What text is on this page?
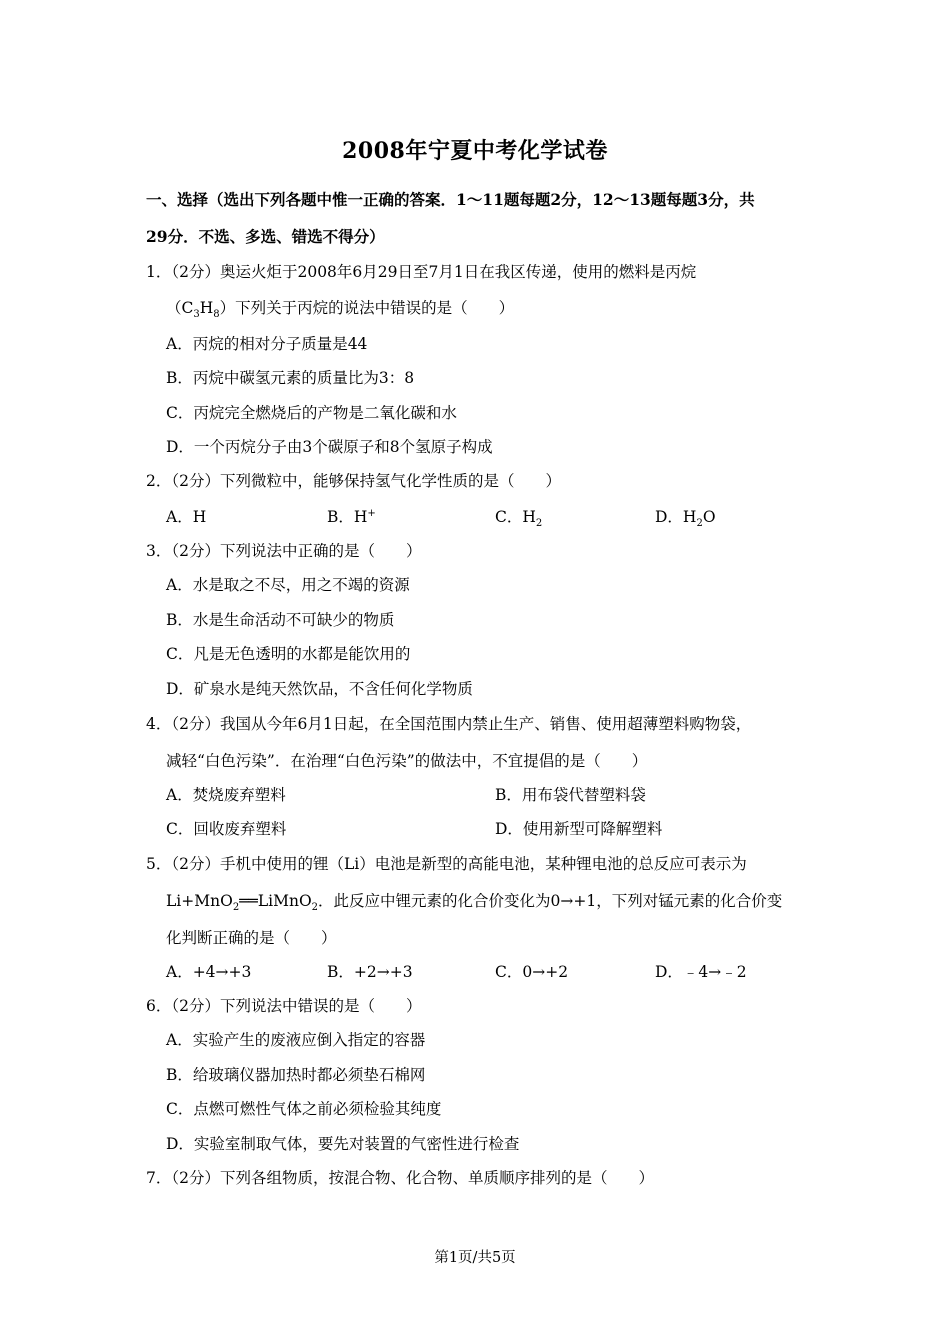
2008年宁夏中考化学试卷
一、选择（选出下列各题中惟一正确的答案．1～11题每题2分，12～13题每题3分，共
29分．不选、多选、错选不得分）
1．（2分）奥运火炬于2008年6月29日至7月1日在我区传递，使用的燃料是丙烷
$(C_3H_8)$下列关于丙烷的说法中错误的是（　　）
A．丙烷的相对分子质量是44
B．丙烷中碳氢元素的质量比为3：8
C．丙烷完全燃烧后的产物是二氧化碳和水
D．一个丙烷分子由3个碳原子和8个氢原子构成
2．（2分）下列微粒中，能够保持氢气化学性质的是（　　）
A．H	B．H+	C．$H_2$	D．$H_2O$
3．（2分）下列说法中正确的是（　　）
A．水是取之不尽，用之不竭的资源
B．水是生命活动不可缺少的物质
C．凡是无色透明的水都是能饮用的
D．矿泉水是纯天然饮品，不含任何化学物质
4．（2分）我国从今年6月1日起，在全国范围内禁止生产、销售、使用超薄塑料购物袋，
减轻“白色污染”．在治理“白色污染”的做法中，不宜提倡的是（　　）
A．焚烧废弃塑料	B．用布袋代替塑料袋
C．回收废弃塑料	D．使用新型可降解塑料
5．（2分）手机中使用的锂（Li）电池是新型的高能电池，某种锂电池的总反应可表示为
Li+MnO$_2$══LiMnO$_2$．此反应中锂元素的化合价变化为0→+1，下列对锰元素的化合价变
化判断正确的是（　　）
A．+4→+3	B．+2→+3	C．0→+2	D．﹣4→﹣2
6．（2分）下列说法中错误的是（　　）
A．实验产生的废液应倒入指定的容器
B．给玻璃仪器加热时都必须垫石棉网
C．点燃可燃性气体之前必须检验其纯度
D．实验室制取气体，要先对装置的气密性进行检查
7．（2分）下列各组物质，按混合物、化合物、单质顺序排列的是（　　）
第1页/共5页
